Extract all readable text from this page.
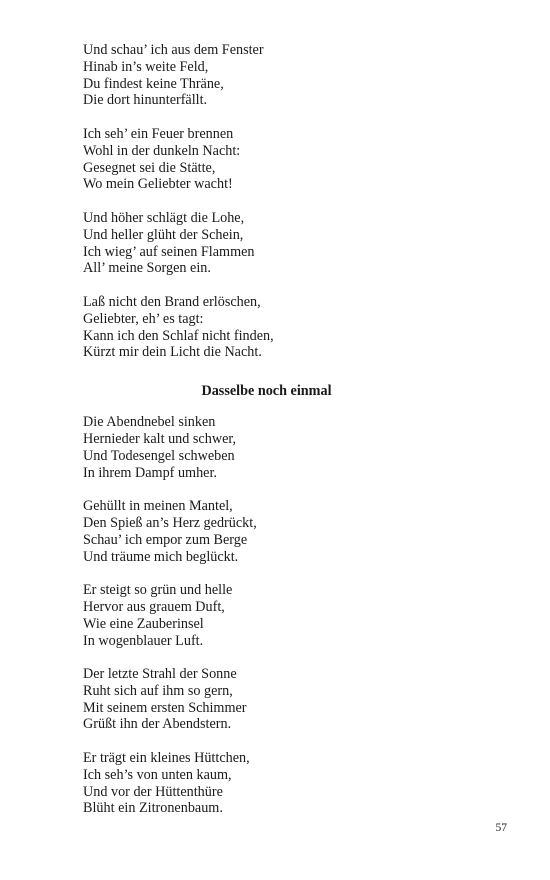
Und schau’ ich aus dem Fenster
Hinab in’s weite Feld,
Du findest keine Thräne,
Die dort hinunterfällt.
Ich seh’ ein Feuer brennen
Wohl in der dunkeln Nacht:
Gesegnet sei die Stätte,
Wo mein Geliebter wacht!
Und höher schlägt die Lohe,
Und heller glüht der Schein,
Ich wieg’ auf seinen Flammen
All’ meine Sorgen ein.
Laß nicht den Brand erlöschen,
Geliebter, eh’ es tagt:
Kann ich den Schlaf nicht finden,
Kürzt mir dein Licht die Nacht.
Dasselbe noch einmal
Die Abendnebel sinken
Hernieder kalt und schwer,
Und Todesengel schweben
In ihrem Dampf umher.
Gehüllt in meinen Mantel,
Den Spieß an’s Herz gedrückt,
Schau’ ich empor zum Berge
Und träume mich beglückt.
Er steigt so grün und helle
Hervor aus grauem Duft,
Wie eine Zauberinsel
In wogenblauer Luft.
Der letzte Strahl der Sonne
Ruht sich auf ihm so gern,
Mit seinem ersten Schimmer
Grüßt ihn der Abendstern.
Er trägt ein kleines Hüttchen,
Ich seh’s von unten kaum,
Und vor der Hüttenthüre
Blüht ein Zitronenbaum.
57
